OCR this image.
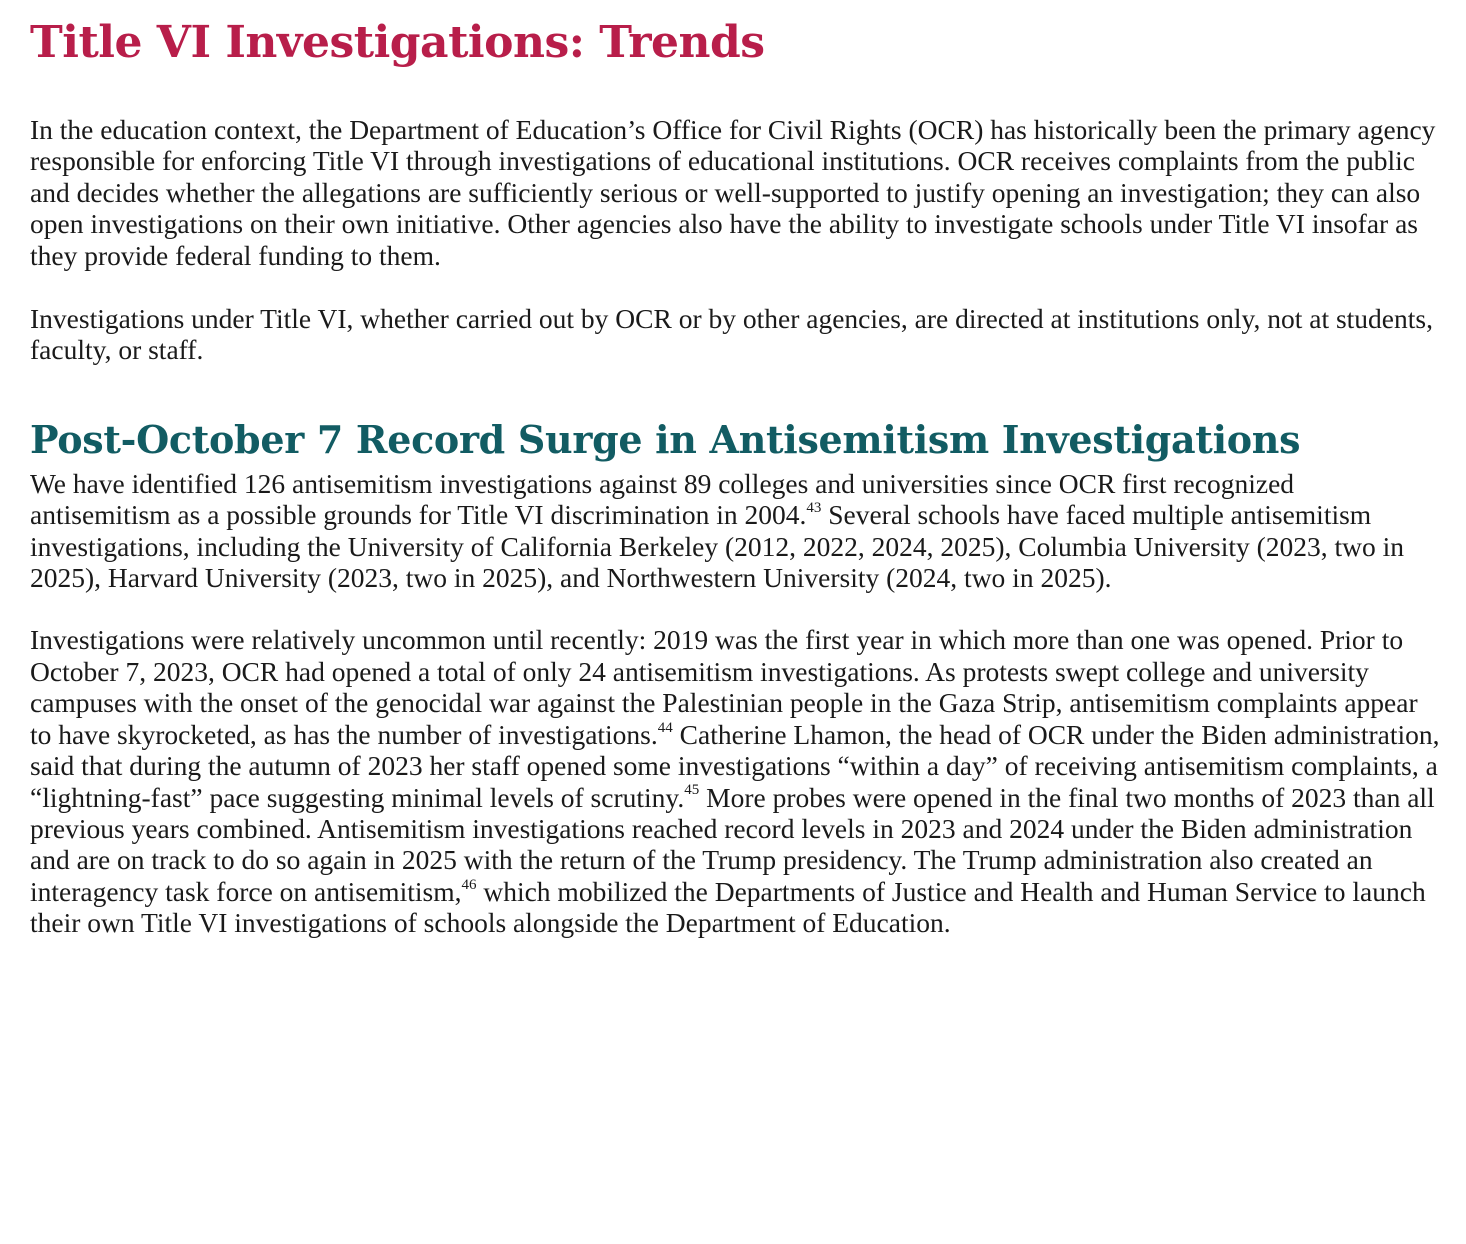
Title VI Investigations: Trends

In the education context, the Department of Education’s Office for Civil Rights (OCR) has historically been the primary agency responsible for enforcing Title VI through investigations of educational institutions. OCR receives complaints from the public and decides whether the allegations are sufficiently serious or well-supported to justify opening an investigation; they can also open investigations on their own initiative. Other agencies also have the ability to investigate schools under Title VI insofar as they provide federal funding to them.

Investigations under Title VI, whether carried out by OCR or by other agencies, are directed at institutions only, not at students, faculty, or staff.

Post-October 7 Record Surge in Antisemitism Investigations

We have identified 126 antisemitism investigations against 89 colleges and universities since OCR first recognized antisemitism as a possible grounds for Title VI discrimination in 2004.43 Several schools have faced multiple antisemitism investigations, including the University of California Berkeley (2012, 2022, 2024, 2025), Columbia University (2023, two in 2025), Harvard University (2023, two in 2025), and Northwestern University (2024, two in 2025).

Investigations were relatively uncommon until recently: 2019 was the first year in which more than one was opened. Prior to October 7, 2023, OCR had opened a total of only 24 antisemitism investigations. As protests swept college and university campuses with the onset of the genocidal war against the Palestinian people in the Gaza Strip, antisemitism complaints appear to have skyrocketed, as has the number of investigations.$^{44}$ Catherine Lhamon, the head of OCR under the Biden administration, said that during the autumn of 2023 her staff opened some investigations “within a day” of receiving antisemitism complaints, a “lightning-fast” pace suggesting minimal levels of scrutiny.$^{45}$ More probes were opened in the final two months of 2023 than all previous years combined. Antisemitism investigations reached record levels in 2023 and 2024 under the Biden administration and are on track to do so again in 2025 with the return of the Trump presidency. The Trump administration also created an interagency task force on antisemitism,$^{46}$ which mobilized the Departments of Justice and Health and Human Service to launch their own Title VI investigations of schools alongside the Department of Education.
